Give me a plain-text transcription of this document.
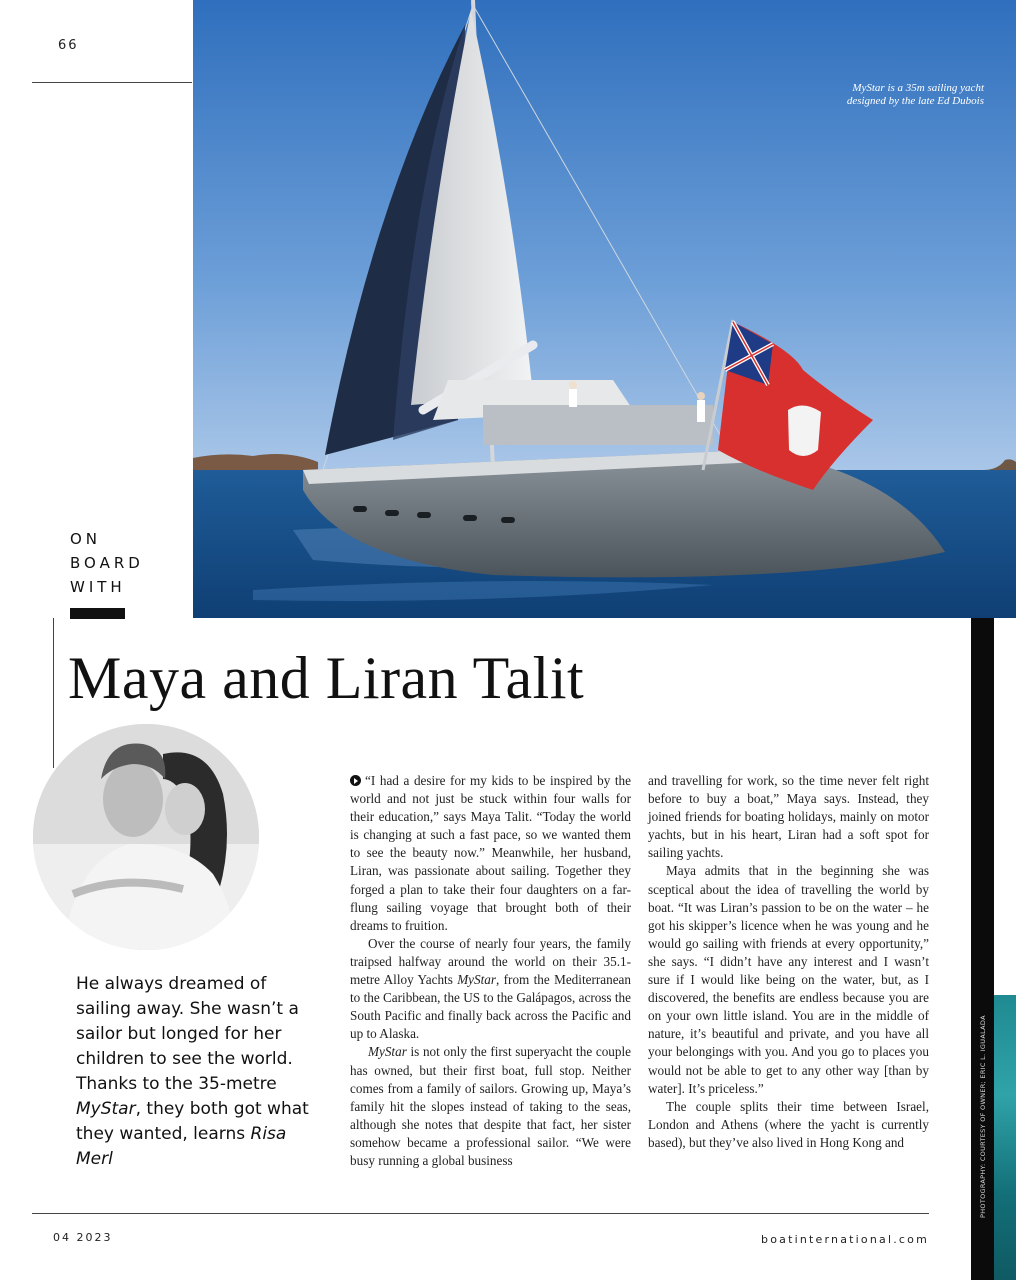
66
MyStar is a 35m sailing yacht designed by the late Ed Dubois
ON
BOARD
WITH
Maya and Liran Talit
He always dreamed of sailing away. She wasn’t a sailor but longed for her children to see the world. Thanks to the 35-metre MyStar, they both got what they wanted, learns Risa Merl

“I had a desire for my kids to be inspired by the world and not just be stuck within four walls for their education,” says Maya Talit. “Today the world is changing at such a fast pace, so we wanted them to see the beauty now.” Meanwhile, her husband, Liran, was passionate about sailing. Together they forged a plan to take their four daughters on a far-flung sailing voyage that brought both of their dreams to fruition.

Over the course of nearly four years, the family traipsed halfway around the world on their 35.1-metre Alloy Yachts MyStar, from the Mediterranean to the Caribbean, the US to the Galápagos, across the South Pacific and finally back across the Pacific and up to Alaska.

MyStar is not only the first superyacht the couple has owned, but their first boat, full stop. Neither comes from a family of sailors. Growing up, Maya’s family hit the slopes instead of taking to the seas, although she notes that despite that fact, her sister somehow became a professional sailor. “We were busy running a global business

and travelling for work, so the time never felt right before to buy a boat,” Maya says. Instead, they joined friends for boating holidays, mainly on motor yachts, but in his heart, Liran had a soft spot for sailing yachts.

Maya admits that in the beginning she was sceptical about the idea of travelling the world by boat. “It was Liran’s passion to be on the water – he got his skipper’s licence when he was young and he would go sailing with friends at every opportunity,” she says. “I didn’t have any interest and I wasn’t sure if I would like being on the water, but, as I discovered, the benefits are endless because you are on your own little island. You are in the middle of nature, it’s beautiful and private, and you have all your belongings with you. And you go to places you would not be able to get to any other way [than by water]. It’s priceless.”

The couple splits their time between Israel, London and Athens (where the yacht is currently based), but they’ve also lived in Hong Kong and

04 2023	boatinternational.com
